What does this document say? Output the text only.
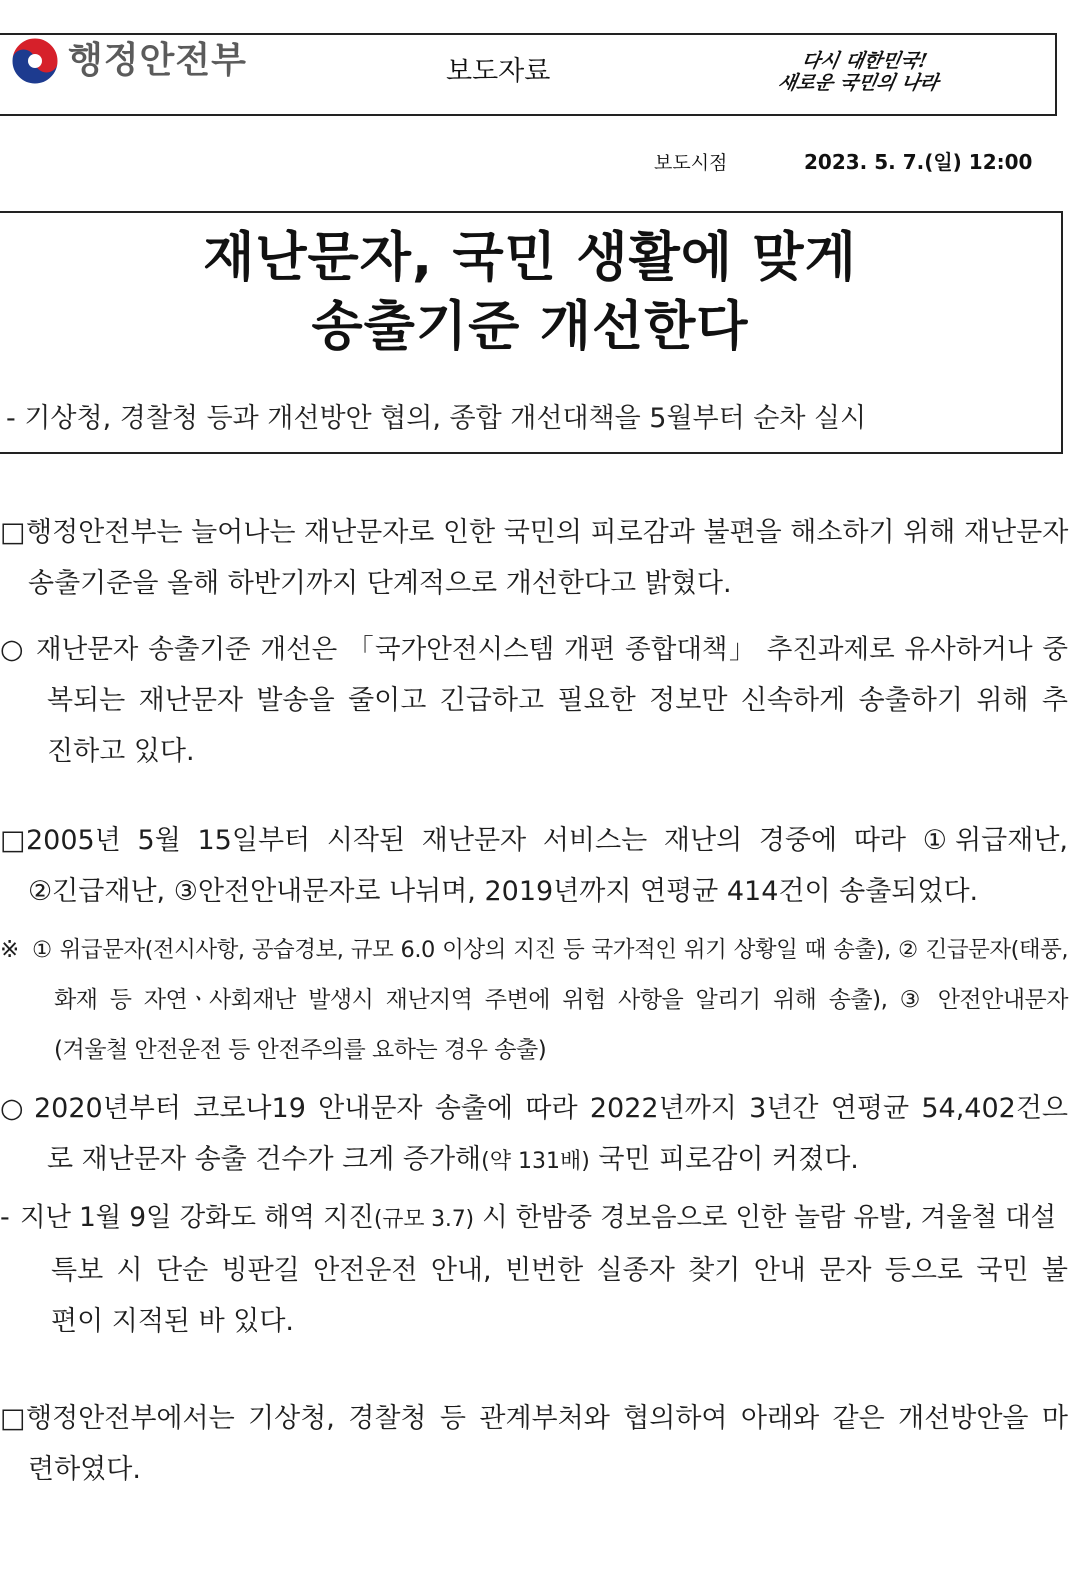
행정안전부	보도자료	다시 대한민국!
새로운 국민의 나라
보도시점	2023. 5. 7.(일) 12:00
재난문자, 국민 생활에 맞게
송출기준 개선한다
- 기상청, 경찰청 등과 개선방안 협의, 종합 개선대책을 5월부터 순차 실시
□ 행정안전부는 늘어나는 재난문자로 인한 국민의 피로감과 불편을 해소하기 위해 재난문자
송출기준을 올해 하반기까지 단계적으로 개선한다고 밝혔다.
○ 재난문자 송출기준 개선은 「국가안전시스템 개편 종합대책」 추진과제로 유사하거나 중
복되는 재난문자 발송을 줄이고 긴급하고 필요한 정보만 신속하게 송출하기 위해 추
진하고 있다.
□ 2005년 5월 15일부터 시작된 재난문자 서비스는 재난의 경중에 따라 ①위급재난,
②긴급재난, ③안전안내문자로 나뉘며, 2019년까지 연평균 414건이 송출되었다.
※ ① 위급문자(전시사항, 공습경보, 규모 6.0 이상의 지진 등 국가적인 위기 상황일 때 송출), ② 긴급문자(태풍,
화재 등 자연ㆍ사회재난 발생시 재난지역 주변에 위험 사항을 알리기 위해 송출), ③ 안전안내문자
(겨울철 안전운전 등 안전주의를 요하는 경우 송출)
○ 2020년부터 코로나19 안내문자 송출에 따라 2022년까지 3년간 연평균 54,402건으
로 재난문자 송출 건수가 크게 증가해(약 131배) 국민 피로감이 커졌다.
- 지난 1월 9일 강화도 해역 지진(규모 3.7) 시 한밤중 경보음으로 인한 놀람 유발, 겨울철 대설
특보 시 단순 빙판길 안전운전 안내, 빈번한 실종자 찾기 안내 문자 등으로 국민 불
편이 지적된 바 있다.
□ 행정안전부에서는 기상청, 경찰청 등 관계부처와 협의하여 아래와 같은 개선방안을 마
련하였다.
